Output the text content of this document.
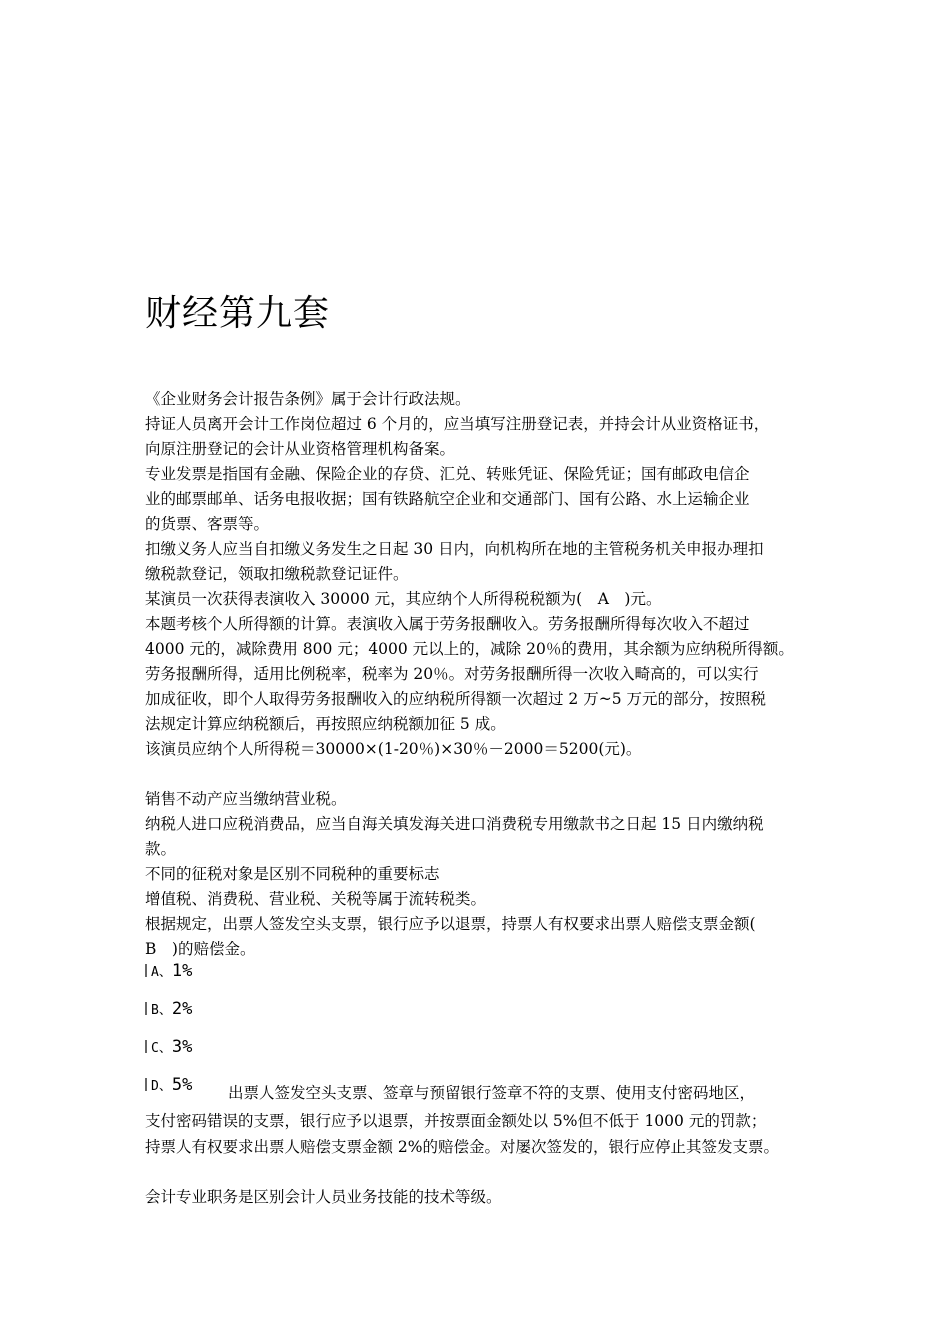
财经第九套
《企业财务会计报告条例》属于会计行政法规。
持证人员离开会计工作岗位超过 6 个月的，应当填写注册登记表，并持会计从业资格证书，
向原注册登记的会计从业资格管理机构备案。
专业发票是指国有金融、保险企业的存贷、汇兑、转账凭证、保险凭证；国有邮政电信企
业的邮票邮单、话务电报收据；国有铁路航空企业和交通部门、国有公路、水上运输企业
的货票、客票等。
扣缴义务人应当自扣缴义务发生之日起 30 日内，向机构所在地的主管税务机关申报办理扣
缴税款登记，领取扣缴税款登记证件。
某演员一次获得表演收入 30000 元，其应纳个人所得税税额为(　A　)元。
本题考核个人所得额的计算。表演收入属于劳务报酬收入。劳务报酬所得每次收入不超过
4000 元的，减除费用 800 元；4000 元以上的，减除 20％的费用，其余额为应纳税所得额。
劳务报酬所得，适用比例税率，税率为 20％。对劳务报酬所得一次收入畸高的，可以实行
加成征收，即个人取得劳务报酬收入的应纳税所得额一次超过 2 万~5 万元的部分，按照税
法规定计算应纳税额后，再按照应纳税额加征 5 成。
该演员应纳个人所得税＝30000×(1-20％)×30％－2000＝5200(元)。
销售不动产应当缴纳营业税。
纳税人进口应税消费品，应当自海关填发海关进口消费税专用缴款书之日起 15 日内缴纳税
款。
不同的征税对象是区别不同税种的重要标志
增值税、消费税、营业税、关税等属于流转税类。
根据规定，出票人签发空头支票，银行应予以退票，持票人有权要求出票人赔偿支票金额(
B　)的赔偿金。
A、1%
B、2%
C、3%
D、5% 出票人签发空头支票、签章与预留银行签章不符的支票、使用支付密码地区，
支付密码错误的支票，银行应予以退票，并按票面金额处以 5%但不低于 1000 元的罚款；
持票人有权要求出票人赔偿支票金额 2%的赔偿金。对屡次签发的，银行应停止其签发支票。
会计专业职务是区别会计人员业务技能的技术等级。
